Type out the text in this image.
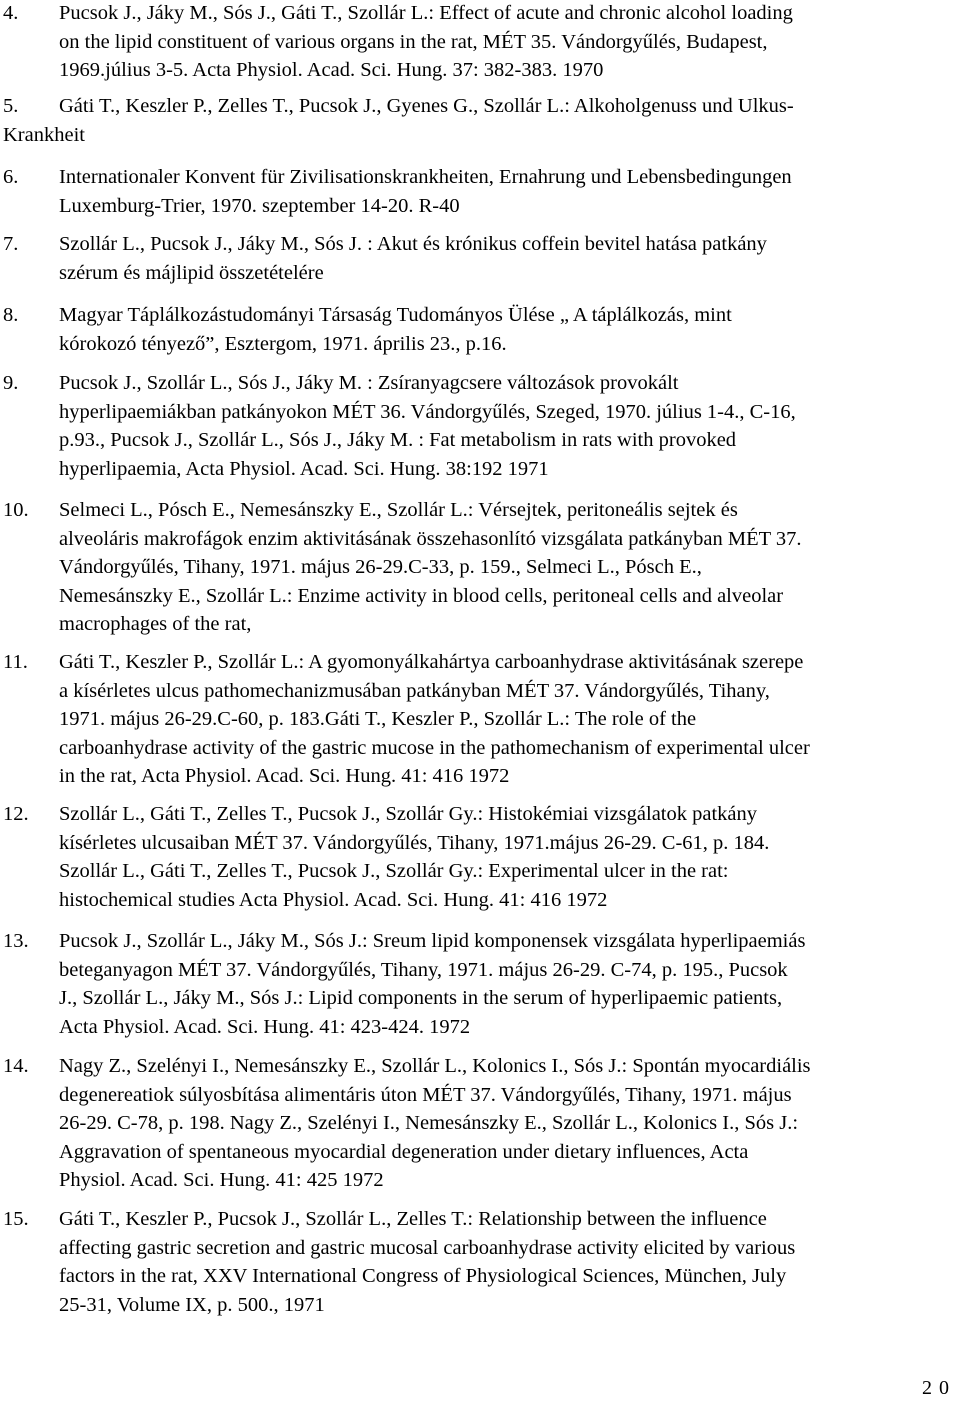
4. Pucsok J., Jáky M., Sós J., Gáti T., Szollár L.: Effect of acute and chronic alcohol loading
on the lipid constituent of various organs in the rat, MÉT 35. Vándorgyűlés, Budapest,
1969.július 3-5. Acta Physiol. Acad. Sci. Hung. 37: 382-383. 1970
5. Gáti T., Keszler P., Zelles T., Pucsok J., Gyenes G., Szollár L.: Alkoholgenuss und Ulkus-
Krankheit
6. Internationaler Konvent für Zivilisationskrankheiten, Ernahrung und Lebensbedingungen
Luxemburg-Trier, 1970. szeptember 14-20. R-40
7. Szollár L., Pucsok J., Jáky M., Sós J. : Akut és krónikus coffein bevitel hatása patkány
szérum és májlipid összetételére
8. Magyar Táplálkozástudományi Társaság Tudományos Ülése „ A táplálkozás, mint
kórokozó tényező”, Esztergom, 1971. április 23., p.16.
9. Pucsok J., Szollár L., Sós J., Jáky M. : Zsíranyagcsere változások provokált
hyperlipaemiákban patkányokon MÉT 36. Vándorgyűlés, Szeged, 1970. július 1-4., C-16,
p.93., Pucsok J., Szollár L., Sós J., Jáky M. : Fat metabolism in rats with provoked
hyperlipaemia, Acta Physiol. Acad. Sci. Hung. 38:192 1971
10. Selmeci L., Pósch E., Nemesánszky E., Szollár L.: Vérsejtek, peritoneális sejtek és
alveoláris makrofágok enzim aktivitásának összehasonlító vizsgálata patkányban MÉT 37.
Vándorgyűlés, Tihany, 1971. május 26-29.C-33, p. 159., Selmeci L., Pósch E.,
Nemesánszky E., Szollár L.: Enzime activity in blood cells, peritoneal cells and alveolar
macrophages of the rat,
11. Gáti T., Keszler P., Szollár L.: A gyomonyálkahártya carboanhydrase aktivitásának szerepe
a kísérletes ulcus pathomechanizmusában patkányban MÉT 37. Vándorgyűlés, Tihany,
1971. május 26-29.C-60, p. 183.Gáti T., Keszler P., Szollár L.: The role of the
carboanhydrase activity of the gastric mucose in the pathomechanism of experimental ulcer
in the rat, Acta Physiol. Acad. Sci. Hung. 41: 416 1972
12. Szollár L., Gáti T., Zelles T., Pucsok J., Szollár Gy.: Histokémiai vizsgálatok patkány
kísérletes ulcusaiban MÉT 37. Vándorgyűlés, Tihany, 1971.május 26-29. C-61, p. 184.
Szollár L., Gáti T., Zelles T., Pucsok J., Szollár Gy.: Experimental ulcer in the rat:
histochemical studies Acta Physiol. Acad. Sci. Hung. 41: 416 1972
13. Pucsok J., Szollár L., Jáky M., Sós J.: Sreum lipid komponensek vizsgálata hyperlipaemiás
beteganyagon MÉT 37. Vándorgyűlés, Tihany, 1971. május 26-29. C-74, p. 195., Pucsok
J., Szollár L., Jáky M., Sós J.: Lipid components in the serum of hyperlipaemic patients,
Acta Physiol. Acad. Sci. Hung. 41: 423-424. 1972
14. Nagy Z., Szelényi I., Nemesánszky E., Szollár L., Kolonics I., Sós J.: Spontán myocardiális
degenereatiok súlyosbítása alimentáris úton MÉT 37. Vándorgyűlés, Tihany, 1971. május
26-29. C-78, p. 198. Nagy Z., Szelényi I., Nemesánszky E., Szollár L., Kolonics I., Sós J.:
Aggravation of spentaneous myocardial degeneration under dietary influences, Acta
Physiol. Acad. Sci. Hung. 41: 425 1972
15. Gáti T., Keszler P., Pucsok J., Szollár L., Zelles T.: Relationship between the influence
affecting gastric secretion and gastric mucosal carboanhydrase activity elicited by various
factors in the rat, XXV International Congress of Physiological Sciences, München, July
25-31, Volume IX, p. 500., 1971
20
